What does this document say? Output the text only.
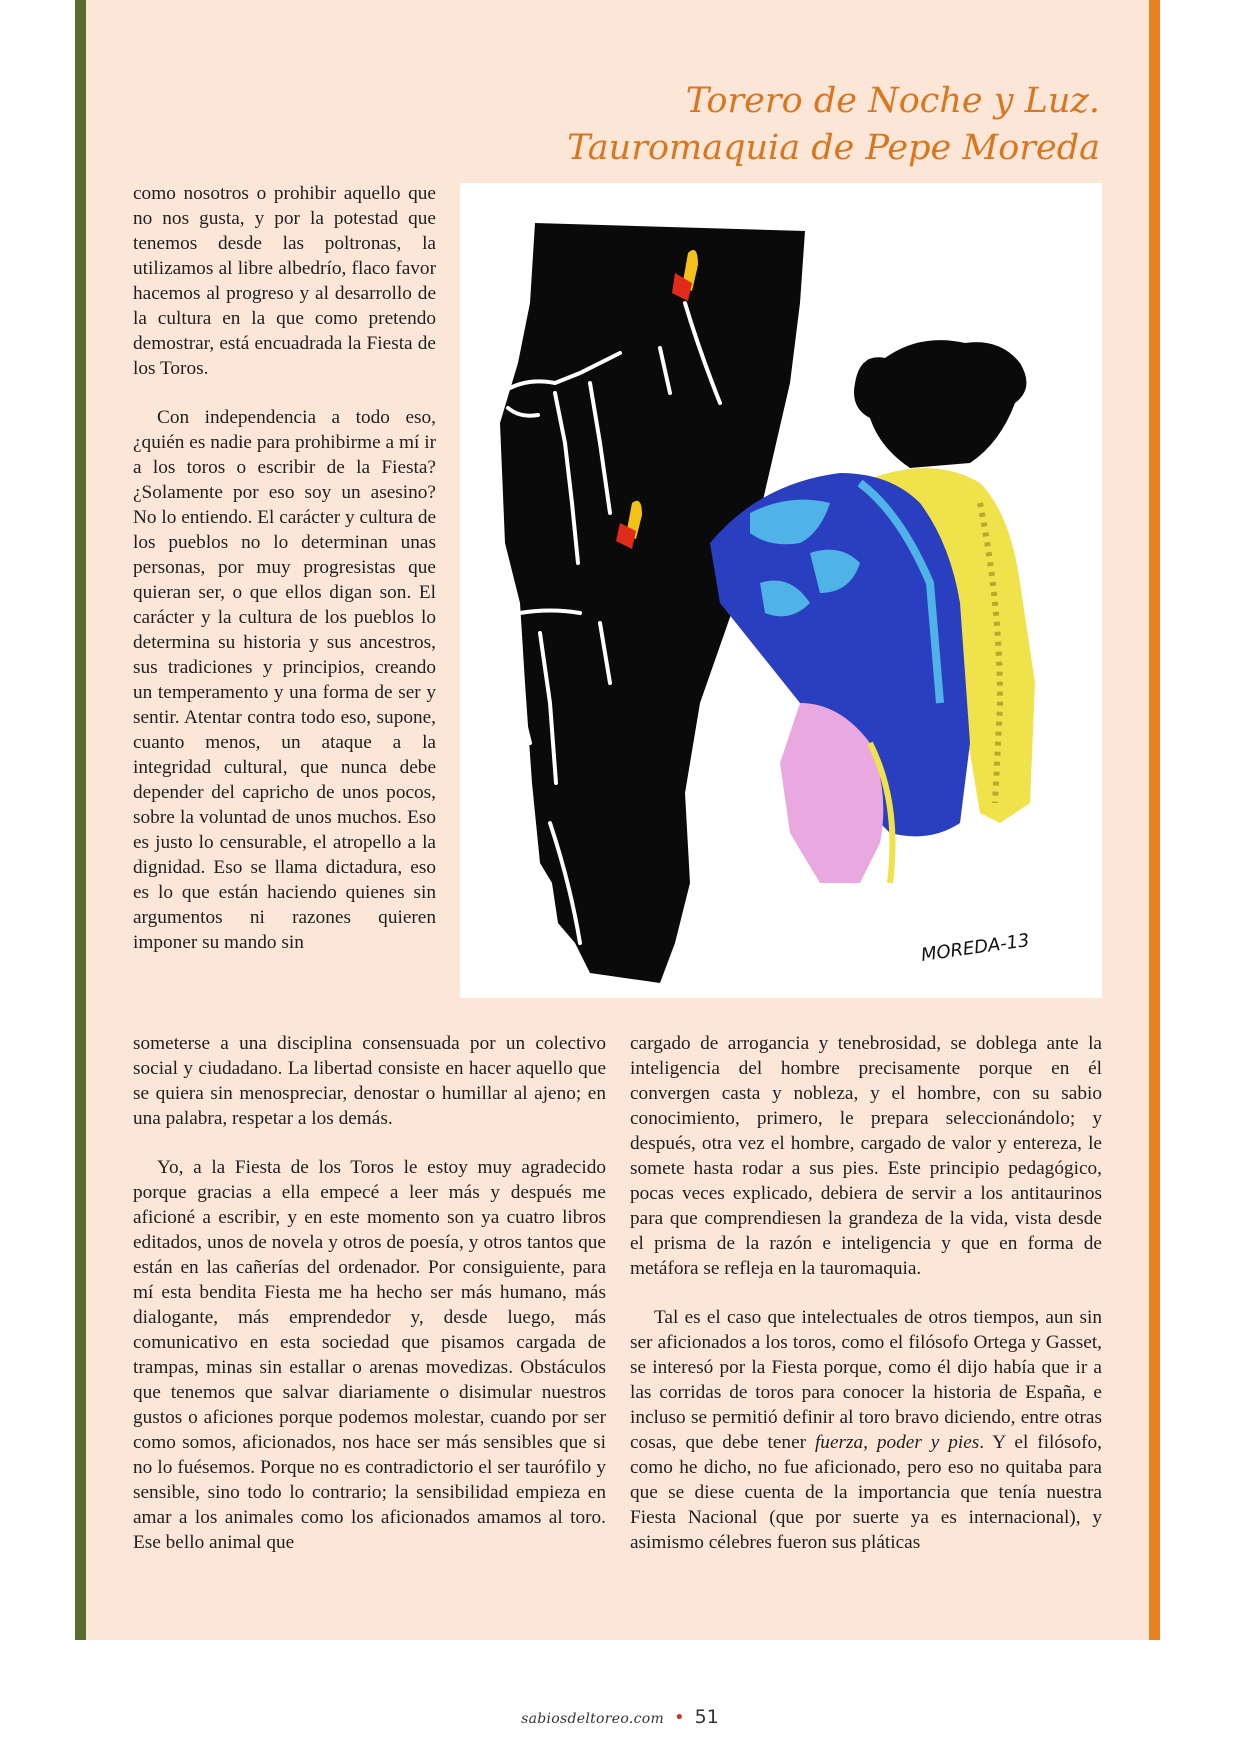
Torero de Noche y Luz.
Tauromaquia de Pepe Moreda

como nosotros o prohibir aquello que no nos gusta, y por la potestad que tenemos desde las poltronas, la utilizamos al libre albedrío, flaco favor hacemos al progreso y al desarrollo de la cultura en la que como pretendo demostrar, está encuadrada la Fiesta de los Toros.

Con independencia a todo eso, ¿quién es nadie para prohibirme a mí ir a los toros o escribir de la Fiesta? ¿Solamente por eso soy un asesino? No lo entiendo. El carácter y cultura de los pueblos no lo determinan unas personas, por muy progresistas que quieran ser, o que ellos digan son. El carácter y la cultura de los pueblos lo determina su historia y sus ancestros, sus tradiciones y principios, creando un temperamento y una forma de ser y sentir. Atentar contra todo eso, supone, cuanto menos, un ataque a la integridad cultural, que nunca debe depender del capricho de unos pocos, sobre la voluntad de unos muchos. Eso es justo lo censurable, el atropello a la dignidad. Eso se llama dictadura, eso es lo que están haciendo quienes sin argumentos ni razones quieren imponer su mando sin	MOREDA-13

someterse a una disciplina consensuada por un colectivo social y ciudadano. La libertad consiste en hacer aquello que se quiera sin menospreciar, denostar o humillar al ajeno; en una palabra, respetar a los demás.

Yo, a la Fiesta de los Toros le estoy muy agradecido porque gracias a ella empecé a leer más y después me aficioné a escribir, y en este momento son ya cuatro libros editados, unos de novela y otros de poesía, y otros tantos que están en las cañerías del ordenador. Por consiguiente, para mí esta bendita Fiesta me ha hecho ser más humano, más dialogante, más emprendedor y, desde luego, más comunicativo en esta sociedad que pisamos cargada de trampas, minas sin estallar o arenas movedizas. Obstáculos que tenemos que salvar diariamente o disimular nuestros gustos o aficiones porque podemos molestar, cuando por ser como somos, aficionados, nos hace ser más sensibles que si no lo fuésemos. Porque no es contradictorio el ser taurófilo y sensible, sino todo lo contrario; la sensibilidad empieza en amar a los animales como los aficionados amamos al toro. Ese bello animal que

cargado de arrogancia y tenebrosidad, se doblega ante la inteligencia del hombre precisamente porque en él convergen casta y nobleza, y el hombre, con su sabio conocimiento, primero, le prepara seleccionándolo; y después, otra vez el hombre, cargado de valor y entereza, le somete hasta rodar a sus pies. Este principio pedagógico, pocas veces explicado, debiera de servir a los antitaurinos para que comprendiesen la grandeza de la vida, vista desde el prisma de la razón e inteligencia y que en forma de metáfora se refleja en la tauromaquia.

Tal es el caso que intelectuales de otros tiempos, aun sin ser aficionados a los toros, como el filósofo Ortega y Gasset, se interesó por la Fiesta porque, como él dijo había que ir a las corridas de toros para conocer la historia de España, e incluso se permitió definir al toro bravo diciendo, entre otras cosas, que debe tener fuerza, poder y pies. Y el filósofo, como he dicho, no fue aficionado, pero eso no quitaba para que se diese cuenta de la importancia que tenía nuestra Fiesta Nacional (que por suerte ya es internacional), y asimismo célebres fueron sus pláticas

sabiosdeltoreo.com • 51
